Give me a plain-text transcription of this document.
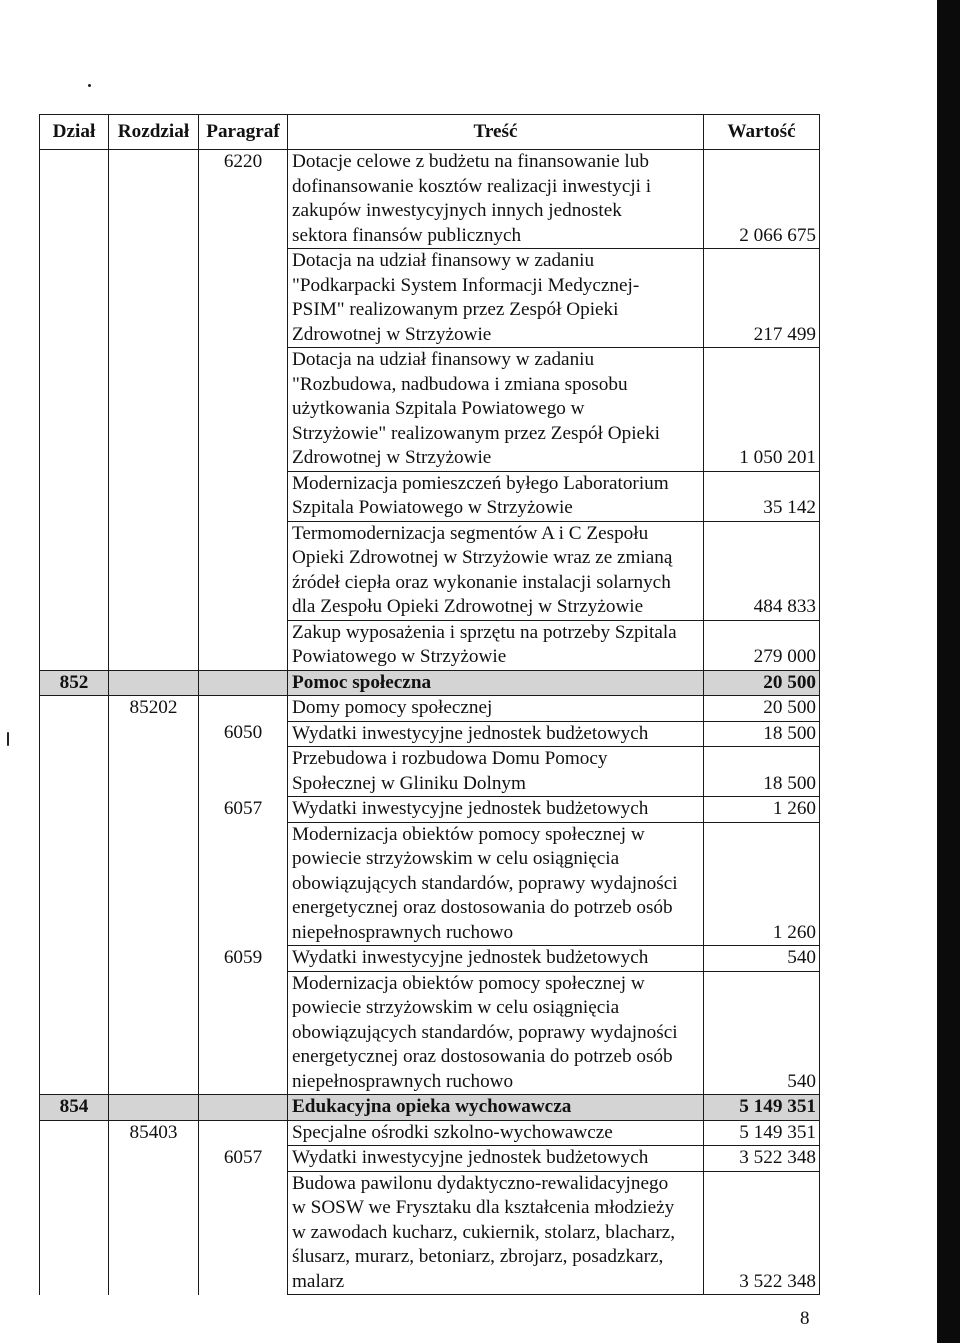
Dział	Rozdział	Paragraf	Treść	Wartość
		6220	Dotacje celowe z budżetu na finansowanie lub
dofinansowanie kosztów realizacji inwestycji i
zakupów inwestycyjnych innych jednostek
sektora finansów publicznych	2 066 675
			Dotacja na udział finansowy w zadaniu
"Podkarpacki System Informacji Medycznej-
PSIM" realizowanym przez Zespół Opieki
Zdrowotnej w Strzyżowie	217 499
			Dotacja na udział finansowy w zadaniu
"Rozbudowa, nadbudowa i zmiana sposobu
użytkowania Szpitala Powiatowego w
Strzyżowie" realizowanym przez Zespół Opieki
Zdrowotnej w Strzyżowie	1 050 201
			Modernizacja pomieszczeń byłego Laboratorium
Szpitala Powiatowego w Strzyżowie	35 142
			Termomodernizacja segmentów A i C Zespołu
Opieki Zdrowotnej w Strzyżowie wraz ze zmianą
źródeł ciepła oraz wykonanie instalacji solarnych
dla Zespołu Opieki Zdrowotnej w Strzyżowie	484 833
			Zakup wyposażenia i sprzętu na potrzeby Szpitala
Powiatowego w Strzyżowie	279 000
852			Pomoc społeczna	20 500
	85202		Domy pomocy społecznej	20 500
		6050	Wydatki inwestycyjne jednostek budżetowych	18 500
			Przebudowa i rozbudowa Domu Pomocy
Społecznej w Gliniku Dolnym	18 500
		6057	Wydatki inwestycyjne jednostek budżetowych	1 260
			Modernizacja obiektów pomocy społecznej w
powiecie strzyżowskim w celu osiągnięcia
obowiązujących standardów, poprawy wydajności
energetycznej oraz dostosowania do potrzeb osób
niepełnosprawnych ruchowo	1 260
		6059	Wydatki inwestycyjne jednostek budżetowych	540
			Modernizacja obiektów pomocy społecznej w
powiecie strzyżowskim w celu osiągnięcia
obowiązujących standardów, poprawy wydajności
energetycznej oraz dostosowania do potrzeb osób
niepełnosprawnych ruchowo	540
854			Edukacyjna opieka wychowawcza	5 149 351
	85403		Specjalne ośrodki szkolno-wychowawcze	5 149 351
		6057	Wydatki inwestycyjne jednostek budżetowych	3 522 348
			Budowa pawilonu dydaktyczno-rewalidacyjnego
w SOSW we Frysztaku dla kształcenia młodzieży
w zawodach kucharz, cukiernik, stolarz, blacharz,
ślusarz, murarz, betoniarz, zbrojarz, posadzkarz,
malarz	3 522 348
8
